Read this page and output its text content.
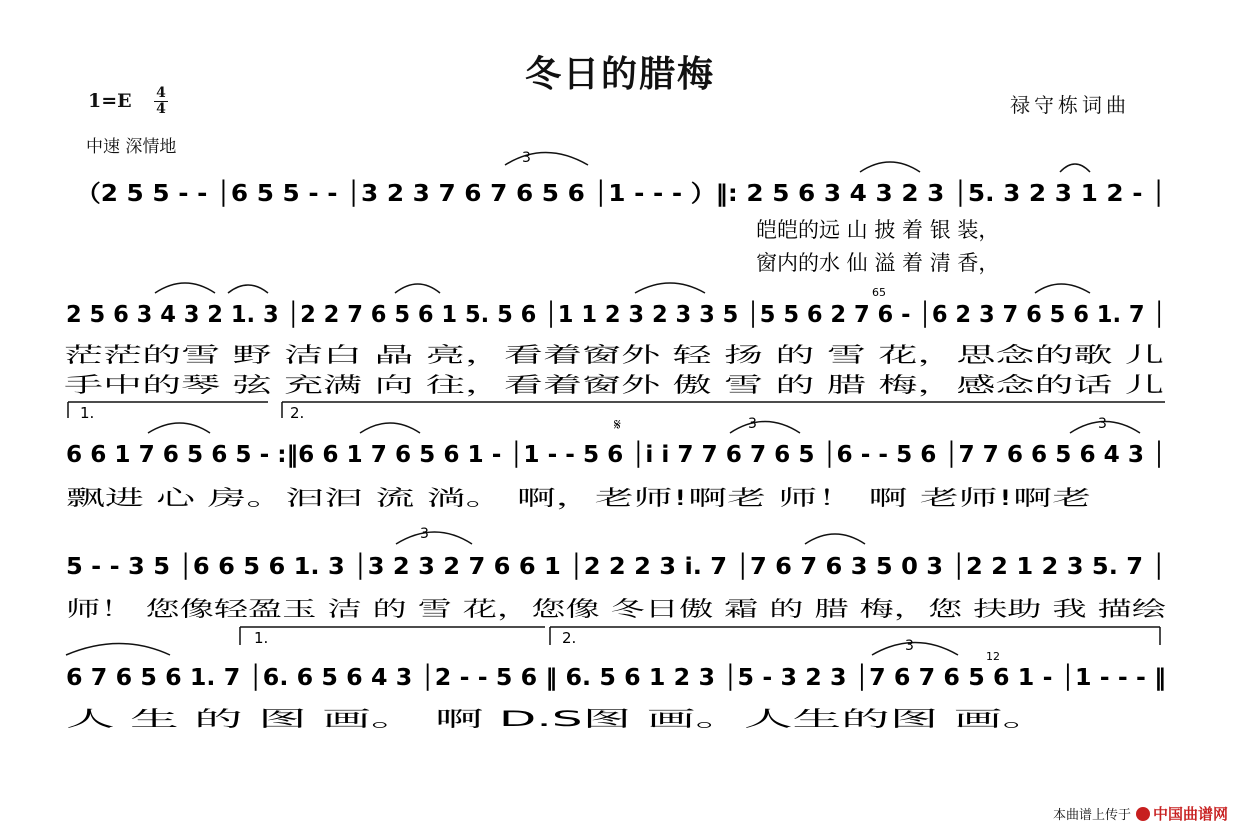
冬日的腊梅
1=E 4
4	禄守栋词曲
中速 深情地
（2 5 5 - - │6 5 5 - - │3 2 3 7 6 7 6 5 6 │1 - - - ）‖: 2 5 6 3 4 3 2 3 │5. 3 2 3 1 2 - │
皑皑的远 山 披 着 银 装，
窗内的水 仙 溢 着 清 香，
3
2 5 6 3 4 3 2 1. 3 │2 2 7 6 5 6 1 5. 5 6 │1 1 2 3 2 3 3 5 │5 5 6 2 7 6 - │6 2 3 7 6 5 6 1. 7 │
茫茫的雪 野 洁白 晶 亮，看着窗外 轻 扬 的 雪 花，思念的歌 儿
手中的琴 弦 充满 向 往，看着窗外 傲 雪 的 腊 梅，感念的话 儿
65
1.	2.
𝄋
6 6 1 7 6 5 6 5 - :‖6 6 1 7 6 5 6 1 - │1 - - 5 6 │i i 7 7 6 7 6 5 │6 - - 5 6 │7 7 6 6 5 6 4 3 │
飘进 心 房。汩汩 流 淌。 啊，老师!啊老 师！ 啊 老师!啊老
3	3
5 - - 3 5 │6 6 5 6 1. 3 │3 2 3 2 7 6 6 1 │2 2 2 3 i. 7 │7 6 7 6 3 5 0 3 │2 2 1 2 3 5. 7 │
师！ 您像轻盈玉 洁 的 雪 花，您像 冬日傲 霜 的 腊 梅，您 扶助 我 描绘
3
1.	2.
6 7 6 5 6 1. 7 │6. 6 5 6 4 3 │2 - - 5 6 ‖ 6. 5 6 1 2 3 │5 - 3 2 3 │7 6 7 6 5 6 1 - │1 - - - ‖
人 生 的 图 画。 啊 D.S图 画。人生的图 画。
3
12
本曲谱上传于 中国曲谱网
